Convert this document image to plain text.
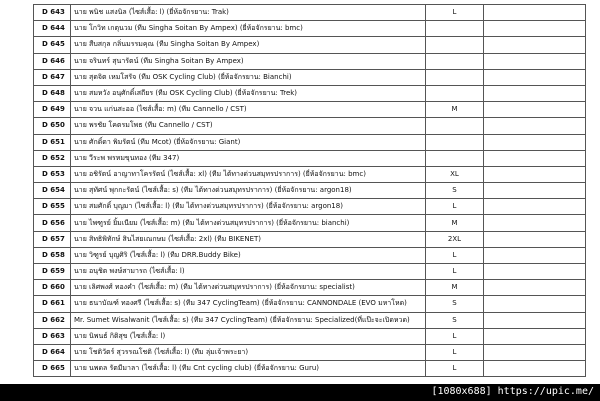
D 643	นาย พนิช แสงนิล (ไซส์เสื้อ: l) (ยี่ห้อจักรยาน: Trak)	L	
D 644	นาย โกวิท เกตุนวม (ทีม Singha Soitan By Ampex) (ยี่ห้อจักรยาน: bmc)		
D 645	นาย สืบสกุล กลิ่นมรรมคุณ (ทีม Singha Soitan By Ampex)		
D 646	นาย จรินทร์ สุนารัตน์ (ทีม Singha Soitan By Ampex)		
D 647	นาย สุดจิต เหมโสรัจ (ทีม OSK Cycling Club) (ยี่ห้อจักรยาน: Bianchi)		
D 648	นาย สมหวัง อนุศักดิ์เสถียร (ทีม OSK Cycling Club) (ยี่ห้อจักรยาน: Trek)		
D 649	นาย จวน แก่นสะออ (ไซส์เสื้อ: m) (ทีม Cannello / CST)	M	
D 650	นาย พรชัย โคตรมโพธ (ทีม Cannello / CST)		
D 651	นาย ศักดิ์ดา พิมรัตน์ (ทีม Mcot) (ยี่ห้อจักรยาน: Giant)		
D 652	นาย วีระพ พรหมขุนทอง (ทีม 347)		
D 653	นาย อชิรัตน์ อาญาทาโครรัตน์ (ไซส์เสื้อ: xl) (ทีม ไต้ทางด่วนสมุทรปราการ) (ยี่ห้อจักรยาน: bmc)	XL	
D 654	นาย สุทัศน์ พุกกะรัตน์ (ไซส์เสื้อ: s) (ทีม ไต้ทางด่วนสมุทรปราการ) (ยี่ห้อจักรยาน: argon18)	S	
D 655	นาย สมศักดิ์ บุญมา (ไซส์เสื้อ: l) (ทีม ไต้ทางด่วนสมุทรปราการ) (ยี่ห้อจักรยาน: argon18)	L	
D 656	นาย ไพฑูรย์ ยิ้มเนียม (ไซส์เสื้อ: m) (ทีม ไต้ทางด่วนสมุทรปราการ) (ยี่ห้อจักรยาน: bianchi)	M	
D 657	นาย สิทธิพิทักษ์ สินไสยเณกษม (ไซส์เสื้อ: 2xl) (ทีม BIKENET)	2XL	
D 658	นาย วิฑูรย์ บุญศิริ (ไซส์เสื้อ: l) (ทีม DRR.Buddy Bike)	L	
D 659	นาย อนุชิต พงษ์สามารถ (ไซส์เสื้อ: l)	L	
D 660	นาย เลิศพงศ์ ทองคำ (ไซส์เสื้อ: m) (ทีม ไต้ทางด่วนสมุทรปราการ) (ยี่ห้อจักรยาน: specialist)	M	
D 661	นาย ธนาบัณฑ์ ทองศรี (ไซส์เสื้อ: s) (ทีม 347 CyclingTeam) (ยี่ห้อจักรยาน: CANNONDALE (EVO มหาโหด)	S	
D 662	Mr. Sumet Wisalwanit (ไซส์เสื้อ: s) (ทีม 347 CyclingTeam) (ยี่ห้อจักรยาน: Specialized(ที่แป๊ะจะเปิดหวด)	S	
D 663	นาย นิพนธ์ กิติสุข (ไซส์เสื้อ: l)	L	
D 664	นาย โชติวัตร์ สุวรรณโชติ (ไซส์เสื้อ: l) (ทีม ลุ่มเจ้าพระยา)	L	
D 665	นาย นพดล รัตมีมาลา (ไซส์เสื้อ: l) (ทีม Cnt cycling club) (ยี่ห้อจักรยาน: Guru)	L	
[1080x688] https://upic.me/
